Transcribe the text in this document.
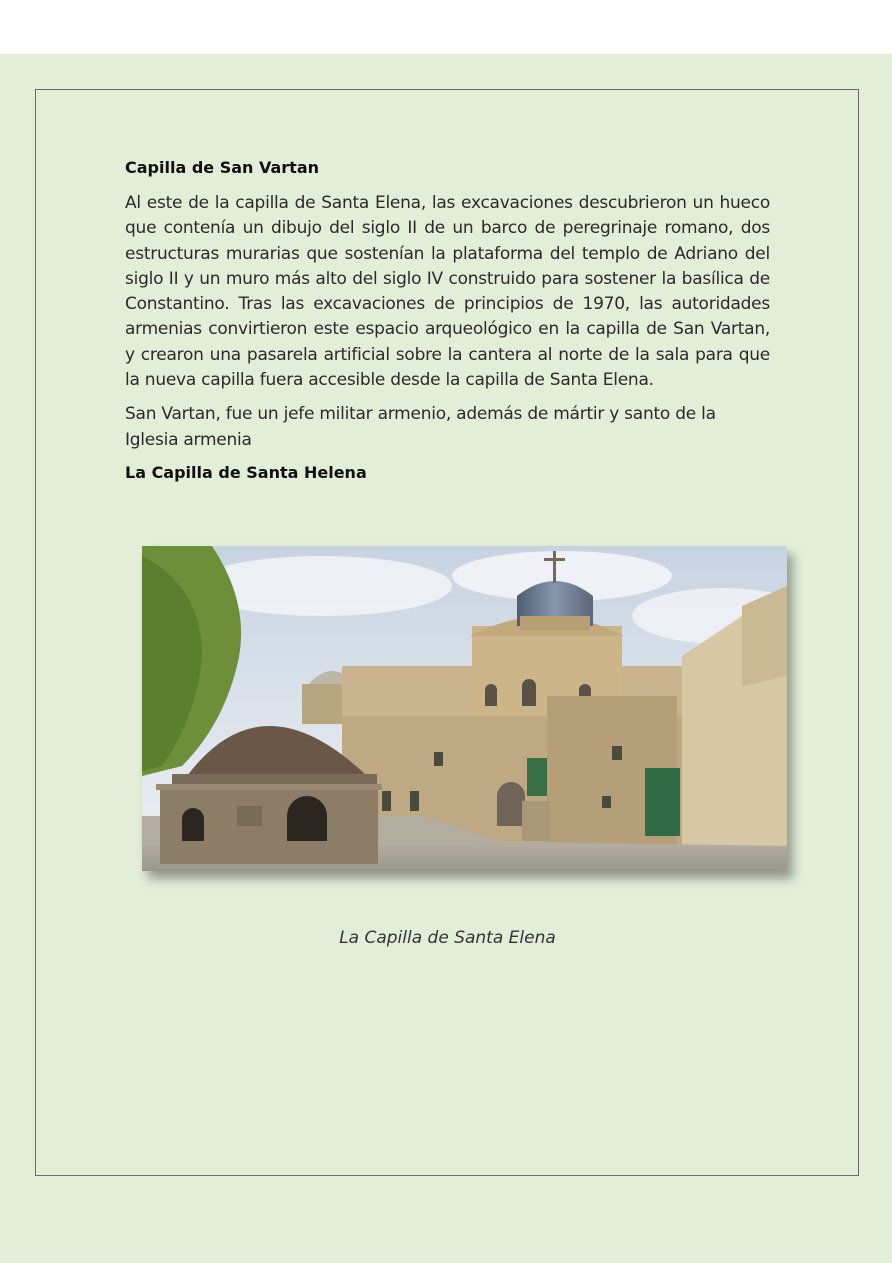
Capilla de San Vartan

Al este de la capilla de Santa Elena, las excavaciones descubrieron un hueco que contenía un dibujo del siglo II de un barco de peregrinaje romano, dos estructuras murarias que sostenían la plataforma del templo de Adriano del siglo II y un muro más alto del siglo IV construido para sostener la basílica de Constantino. Tras las excavaciones de principios de 1970, las autoridades armenias convirtieron este espacio arqueológico en la capilla de San Vartan, y crearon una pasarela artificial sobre la cantera al norte de la sala para que la nueva capilla fuera accesible desde la capilla de Santa Elena.

San Vartan, fue un jefe militar armenio, además de mártir y santo de la Iglesia armenia

La Capilla de Santa Helena
La Capilla de Santa Elena
